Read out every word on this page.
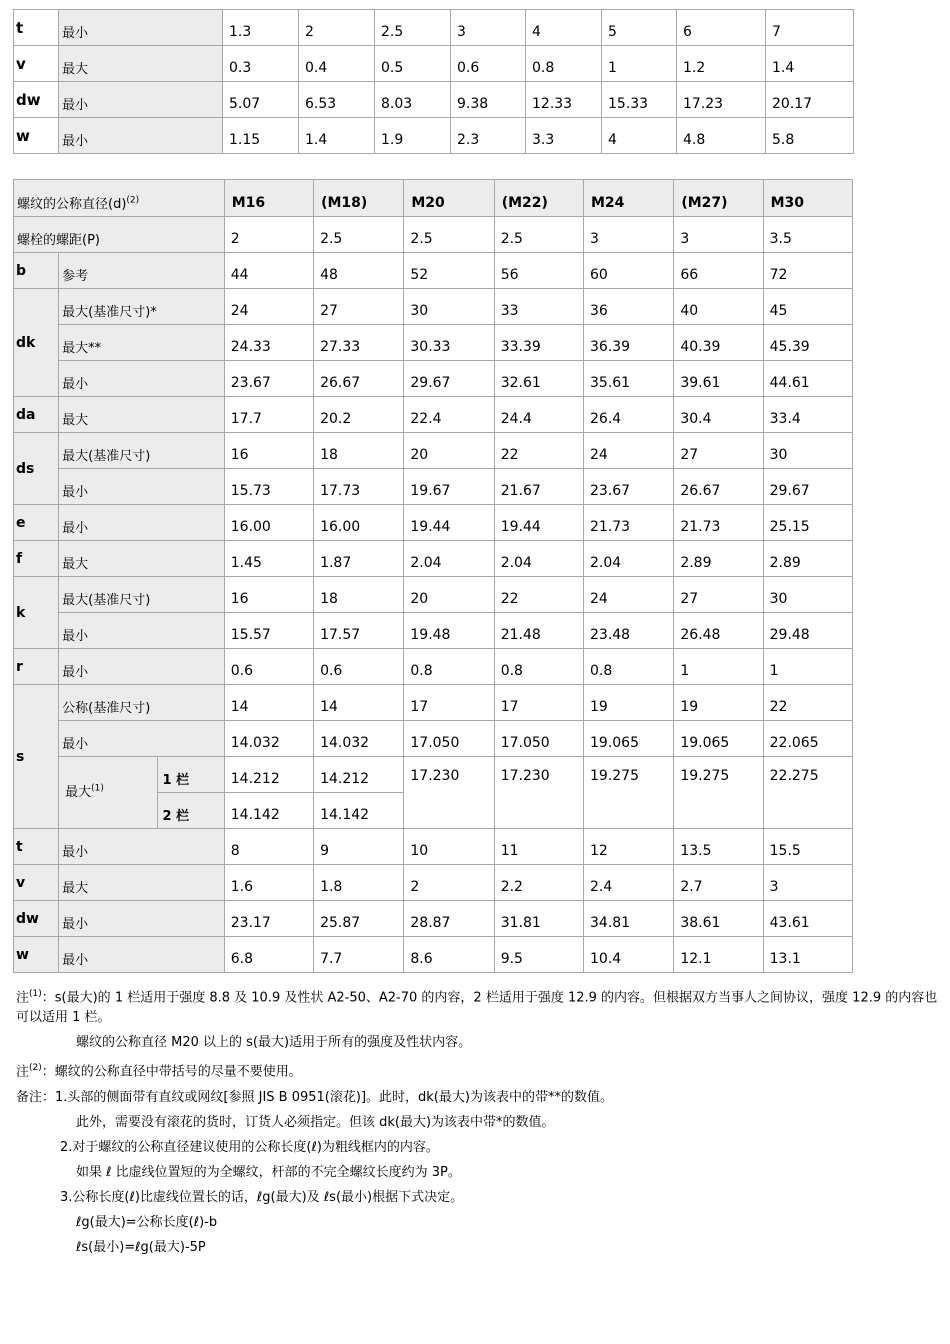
t	最小	1.3	2	2.5	3	4	5	6	7
v	最大	0.3	0.4	0.5	0.6	0.8	1	1.2	1.4
dw	最小	5.07	6.53	8.03	9.38	12.33	15.33	17.23	20.17
w	最小	1.15	1.4	1.9	2.3	3.3	4	4.8	5.8
螺纹的公称直径$(d)^{(2)}$			M16	(M18)	M20	(M22)	M24	(M27)	M30
螺栓的螺距(P)			2	2.5	2.5	2.5	3	3	3.5
b	参考		44	48	52	56	60	66	72
dk	最大(基准尺寸)*		24	27	30	33	36	40	45
	最大**		24.33	27.33	30.33	33.39	36.39	40.39	45.39
	最小		23.67	26.67	29.67	32.61	35.61	39.61	44.61
da	最大		17.7	20.2	22.4	24.4	26.4	30.4	33.4
ds	最大(基准尺寸)		16	18	20	22	24	27	30
	最小		15.73	17.73	19.67	21.67	23.67	26.67	29.67
e	最小		16.00	16.00	19.44	19.44	21.73	21.73	25.15
f	最大		1.45	1.87	2.04	2.04	2.04	2.89	2.89
k	最大(基准尺寸)		16	18	20	22	24	27	30
	最小		15.57	17.57	19.48	21.48	23.48	26.48	29.48
r	最小		0.6	0.6	0.8	0.8	0.8	1	1
s	公称(基准尺寸)		14	14	17	17	19	19	22
	最小		14.032	14.032	17.050	17.050	19.065	19.065	22.065
	最大$^{(1)}$	1 栏	14.212	14.212	17.230	17.230	19.275	19.275	22.275
		2 栏	14.142	14.142					
t	最小		8	9	10	11	12	13.5	15.5
v	最大		1.6	1.8	2	2.2	2.4	2.7	3
dw	最小		23.17	25.87	28.87	31.81	34.81	38.61	43.61
w	最小		6.8	7.7	8.6	9.5	10.4	12.1	13.1

注$^{(1)}$：s(最大)的 1 栏适用于强度 8.8 及 10.9 及性状 A2-50、A2-70 的内容，2 栏适用于强度 12.9 的内容。但根据双方当事人之间协议，强度 12.9 的内容也可以适用 1 栏。

螺纹的公称直径 M20 以上的 s(最大)适用于所有的强度及性状内容。

注$^{(2)}$：螺纹的公称直径中带括号的尽量不要使用。

备注：1.头部的侧面带有直纹或网纹[参照 JIS B 0951(滚花)]。此时，dk(最大)为该表中的带**的数值。

此外，需要没有滚花的货时，订货人必须指定。但该 dk(最大)为该表中带*的数值。

2.对于螺纹的公称直径建议使用的公称长度(ℓ)为粗线框内的内容。

如果 ℓ 比虚线位置短的为全螺纹，杆部的不完全螺纹长度约为 3P。

3.公称长度(ℓ)比虚线位置长的话，ℓg(最大)及 ℓs(最小)根据下式决定。

ℓg(最大)=公称长度(ℓ)-b

ℓs(最小)=ℓg(最大)-5P
